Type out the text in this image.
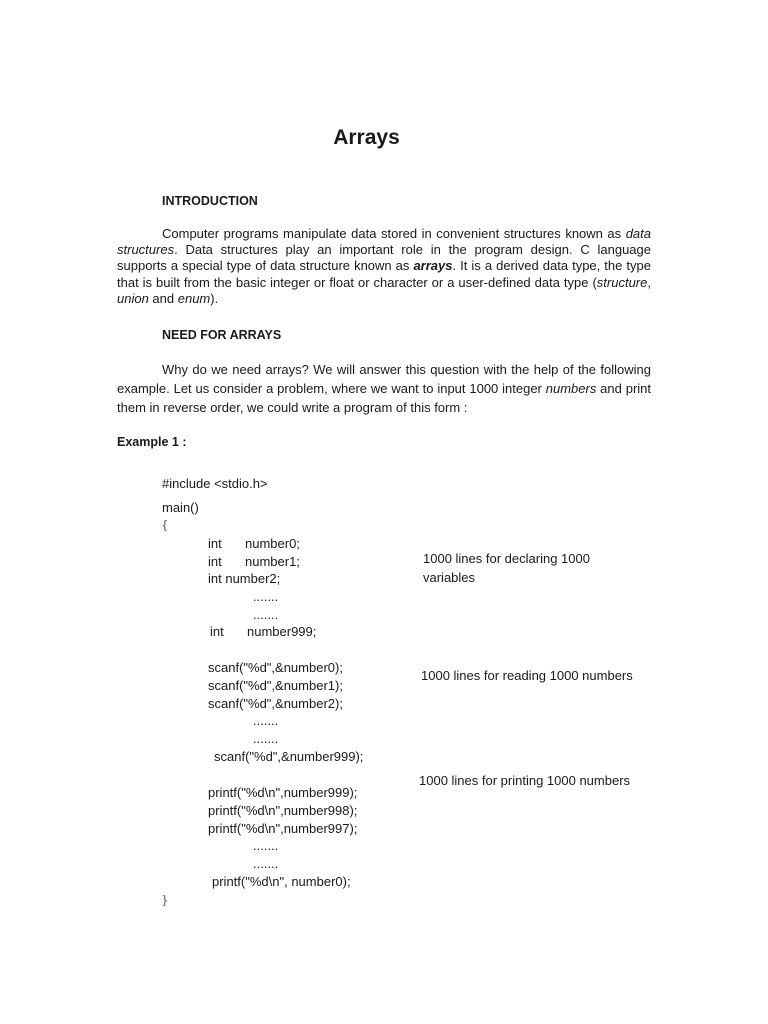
Arrays
INTRODUCTION

Computer programs manipulate data stored in convenient structures known as data structures. Data structures play an important role in the program design. C language supports a special type of data structure known as arrays. It is a derived data type, the type that is built from the basic integer or float or character or a user-defined data type (structure, union and enum).

NEED FOR ARRAYS

Why do we need arrays? We will answer this question with the help of the following example. Let us consider a problem, where we want to input 1000 integer numbers and print them in reverse order, we could write a program of this form :

Example 1 :
#include <stdio.h>
main()
{
int number0;
int number1;
int number2;
.......
.......
int number999;
scanf("%d",&number0);
scanf("%d",&number1);
scanf("%d",&number2);
.......
.......
scanf("%d",&number999);
printf("%d\n",number999);
printf("%d\n",number998);
printf("%d\n",number997);
.......
.......
printf("%d\n", number0);
}
1000 lines for declaring 1000
variables
1000 lines for reading 1000 numbers
1000 lines for printing 1000 numbers
